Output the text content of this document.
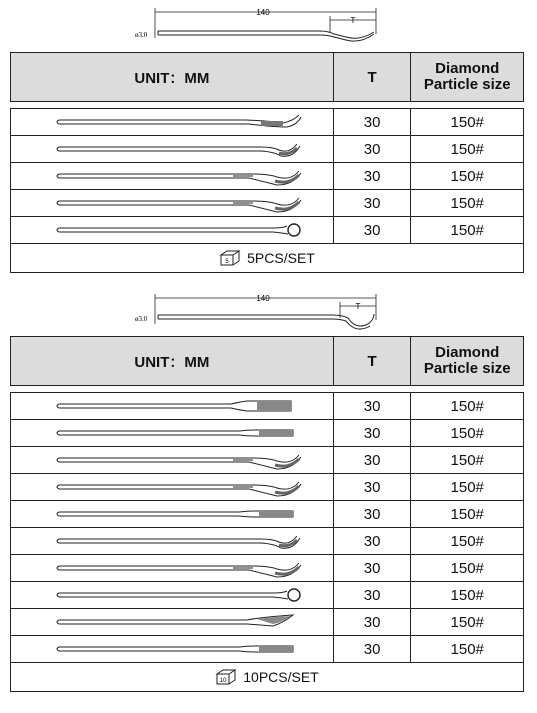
140
T
ø3.0
UNIT：MM	T	Diamond
Particle size
30	150#
30	150#
30	150#
30	150#
30	150#
5 5PCS/SET
140
T
ø3.0
UNIT：MM	T	Diamond
Particle size
30	150#
30	150#
30	150#
30	150#
30	150#
30	150#
30	150#
30	150#
30	150#
30	150#
10 10PCS/SET
